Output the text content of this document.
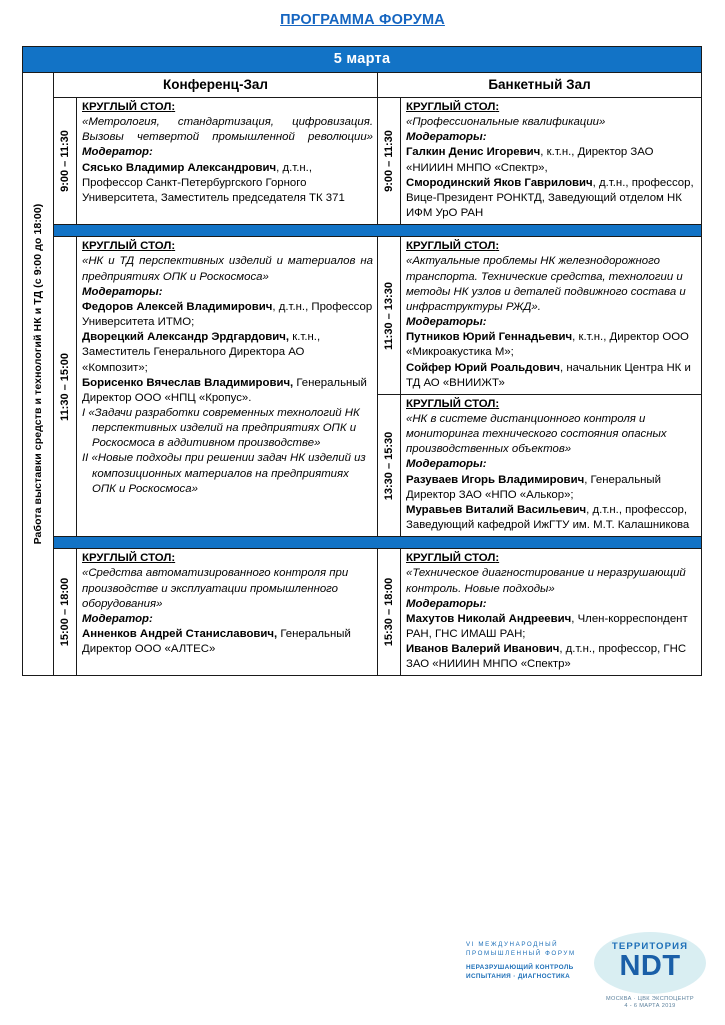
ПРОГРАММА ФОРУМА
5 марта
Работа выставки средств и технологий НК и ТД (с 9:00 до 18:00)
Конференц-Зал	Банкетный Зал
9:00 – 11:30
КРУГЛЫЙ СТОЛ:
«Метрология, стандартизация, цифровизация. Вызовы четвертой промышленной революции» Модератор:
Сясько Владимир Александрович, д.т.н., Профессор Санкт-Петербургского Горного Университета, Заместитель председателя ТК 371
9:00 – 11:30
КРУГЛЫЙ СТОЛ:
«Профессиональные квалификации»
Модераторы:
Галкин Денис Игоревич, к.т.н., Директор ЗАО «НИИИН МНПО «Спектр»,
Смородинский Яков Гаврилович, д.т.н., профессор, Вице-Президент РОНКТД, Заведующий отделом НК ИФМ УрО РАН
11:30 – 15:00
КРУГЛЫЙ СТОЛ:
«НК и ТД перспективных изделий и материалов на предприятиях ОПК и Роскосмоса»
Модераторы:
Федоров Алексей Владимирович, д.т.н., Профессор Университета ИТМО;
Дворецкий Александр Эрдгардович, к.т.н., Заместитель Генерального Директора АО «Композит»;
Борисенко Вячеслав Владимирович, Генеральный Директор ООО «НПЦ «Кропус».
I «Задачи разработки современных технологий НК перспективных изделий на предприятиях ОПК и Роскосмоса в аддитивном производстве»
II «Новые подходы при решении задач НК изделий из композиционных материалов на предприятиях ОПК и Роскосмоса»
11:30 – 13:30
КРУГЛЫЙ СТОЛ:
«Актуальные проблемы НК железнодорожного транспорта. Технические средства, технологии и методы НК узлов и деталей подвижного состава и инфраструктуры РЖД».
Модераторы:
Путников Юрий Геннадьевич, к.т.н., Директор ООО «Микроакустика М»;
Сойфер Юрий Роальдович, начальник Центра НК и ТД АО «ВНИИЖТ»
13:30 – 15:30
КРУГЛЫЙ СТОЛ:
«НК в системе дистанционного контроля и мониторинга технического состояния опасных производственных объектов»
Модераторы:
Разуваев Игорь Владимирович, Генеральный Директор ЗАО «НПО «Алькор»;
Муравьев Виталий Васильевич, д.т.н., профессор, Заведующий кафедрой ИжГТУ им. М.Т. Калашникова
15:00 – 18:00
КРУГЛЫЙ СТОЛ:
«Средства автоматизированного контроля при производстве и эксплуатации промышленного оборудования»
Модератор:
Анненков Андрей Станиславович, Генеральный Директор ООО «АЛТЕС»
15:30 – 18:00
КРУГЛЫЙ СТОЛ:
«Техническое диагностирование и неразрушающий контроль. Новые подходы»
Модераторы:
Махутов Николай Андреевич, Член-корреспондент РАН, ГНС ИМАШ РАН;
Иванов Валерий Иванович, д.т.н., профессор, ГНС ЗАО «НИИИН МНПО «Спектр»
VI МЕЖДУНАРОДНЫЙ
ПРОМЫШЛЕННЫЙ ФОРУМ
НЕРАЗРУШАЮЩИЙ КОНТРОЛЬ
ИСПЫТАНИЯ · ДИАГНОСТИКА
ТЕРРИТОРИЯ
NDT
МОСКВА · ЦВК ЭКСПОЦЕНТР
4 - 6 МАРТА 2019
